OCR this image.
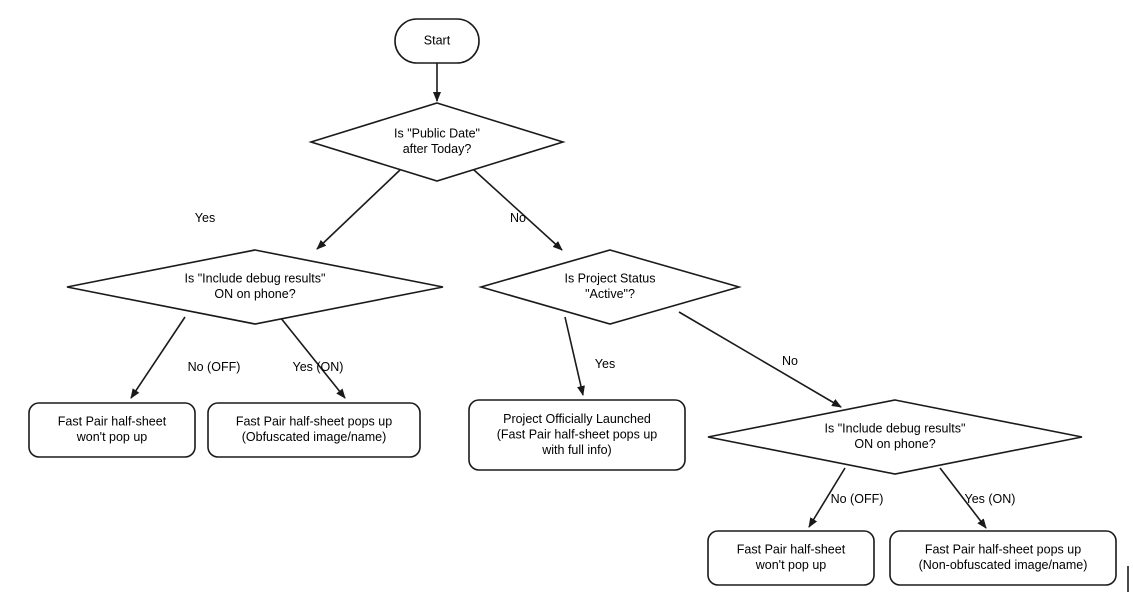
Yes	No
No (OFF)	Yes (ON)	Yes	No
No (OFF)	Yes (ON)
Start
Is "Public Date"
after Today?
Is "Include debug results"
ON on phone?
Is Project Status
"Active"?
Fast Pair half-sheet
won't pop up
Fast Pair half-sheet pops up
(Obfuscated image/name)
Project Officially Launched
(Fast Pair half-sheet pops up
with full info)
Is "Include debug results"
ON on phone?
Fast Pair half-sheet
won't pop up
Fast Pair half-sheet pops up
(Non-obfuscated image/name)
